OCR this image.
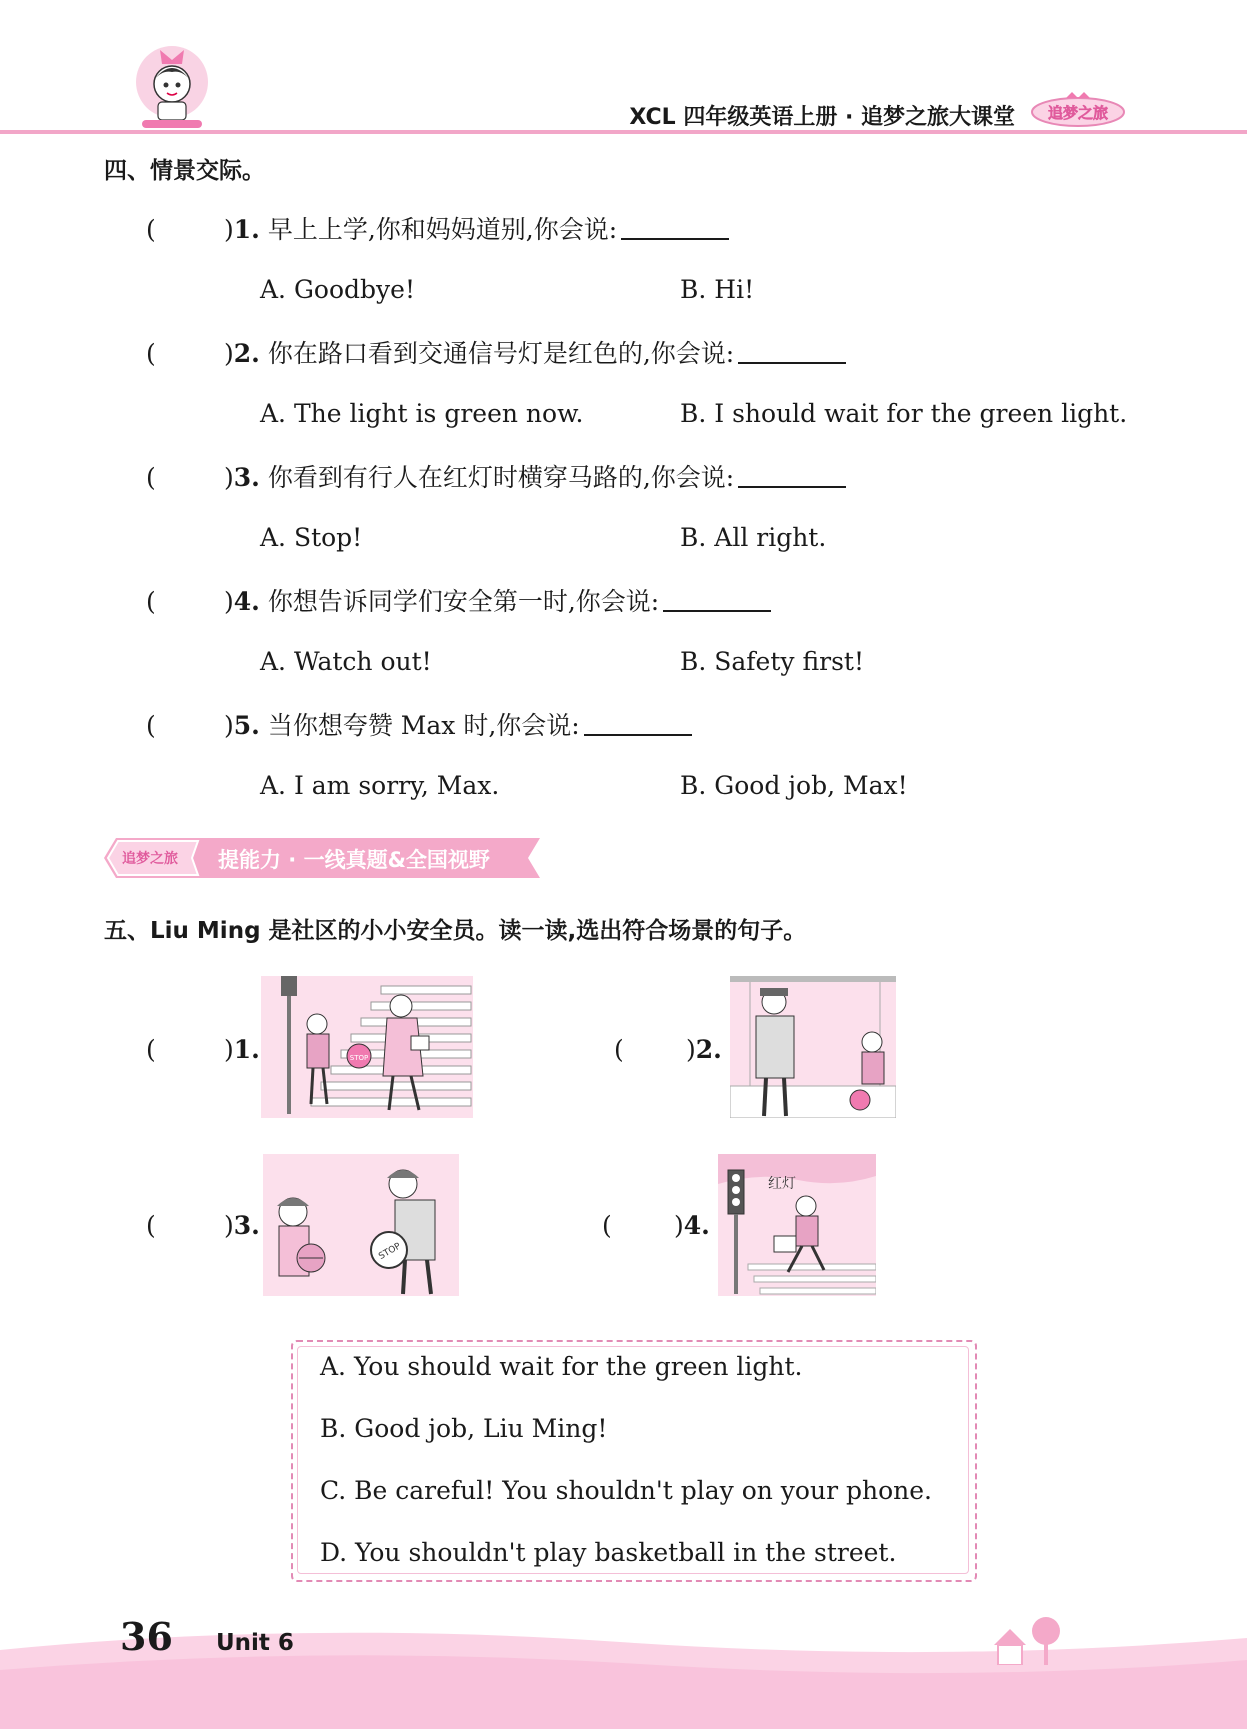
XCL 四年级英语上册 · 追梦之旅大课堂 追梦之旅
四、情景交际。
(	)1. 早上上学,你和妈妈道别,你会说:
A. Goodbye!	B. Hi!
(	)2. 你在路口看到交通信号灯是红色的,你会说:
A. The light is green now.	B. I should wait for the green light.
(	)3. 你看到有行人在红灯时横穿马路的,你会说:
A. Stop!	B. All right.
(	)4. 你想告诉同学们安全第一时,你会说:
A. Watch out!	B. Safety first!
(	)5. 当你想夸赞 Max 时,你会说:
A. I am sorry, Max.	B. Good job, Max!
追梦之旅 提能力 · 一线真题&全国视野
五、Liu Ming 是社区的小小安全员。读一读,选出符合场景的句子。
(	)1.	STOP	( )2.
(	)3.
STOP
( )4.
红灯
A. You should wait for the green light.
B. Good job, Liu Ming!
C. Be careful! You shouldn't play on your phone.
D. You shouldn't play basketball in the street.
36 Unit 6
